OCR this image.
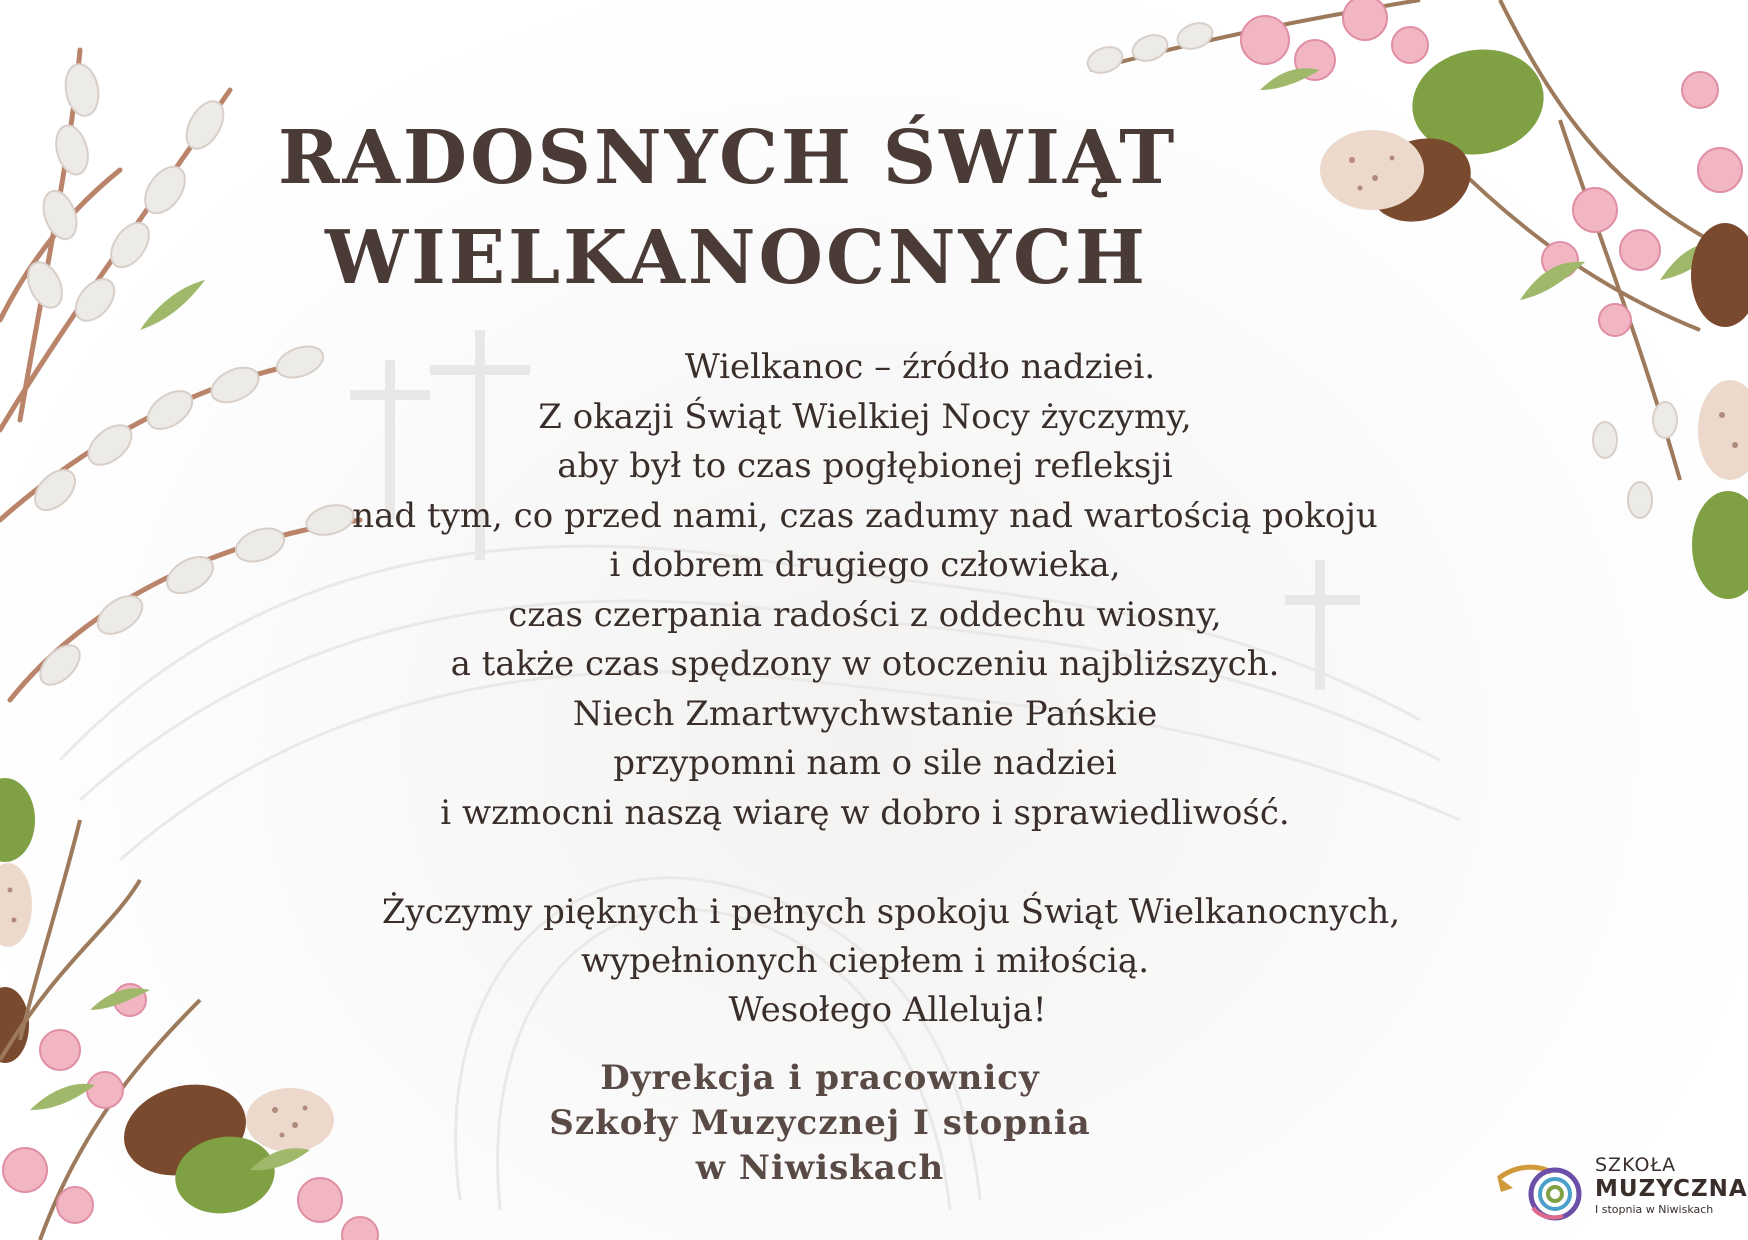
RADOSNYCH ŚWIĄT
WIELKANOCNYCH
Wielkanoc – źródło nadziei.
Z okazji Świąt Wielkiej Nocy życzymy,
aby był to czas pogłębionej refleksji
nad tym, co przed nami, czas zadumy nad wartością pokoju
i dobrem drugiego człowieka,
czas czerpania radości z oddechu wiosny,
a także czas spędzony w otoczeniu najbliższych.
Niech Zmartwychwstanie Pańskie
przypomni nam o sile nadziei
i wzmocni naszą wiarę w dobro i sprawiedliwość.
Życzymy pięknych i pełnych spokoju Świąt Wielkanocnych,
wypełnionych ciepłem i miłością.
Wesołego Alleluja!
Dyrekcja i pracownicy
Szkoły Muzycznej I stopnia
w Niwiskach	SZKOŁA
MUZYCZNA
I stopnia w Niwiskach
